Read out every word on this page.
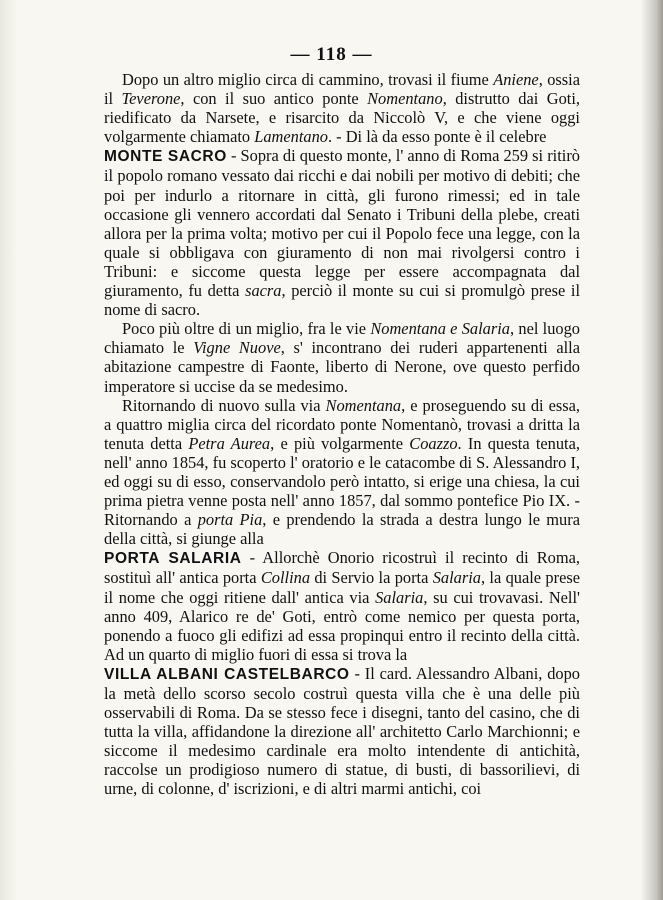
— 118 —

Dopo un altro miglio circa di cammino, trovasi il fiume Aniene, ossia il Teverone, con il suo antico ponte Nomentano, distrutto dai Goti, riedificato da Narsete, e risarcito da Niccolò V, e che viene oggi volgarmente chiamato Lamentano. - Di là da esso ponte è il celebre

MONTE SACRO - Sopra di questo monte, l' anno di Roma 259 si ritirò il popolo romano vessato dai ricchi e dai nobili per motivo di debiti; che poi per indurlo a ritornare in città, gli furono rimessi; ed in tale occasione gli vennero accordati dal Senato i Tribuni della plebe, creati allora per la prima volta; motivo per cui il Popolo fece una legge, con la quale si obbligava con giuramento di non mai rivolgersi contro i Tribuni: e siccome questa legge per essere accompagnata dal giuramento, fu detta sacra, perciò il monte su cui si promulgò prese il nome di sacro.

Poco più oltre di un miglio, fra le vie Nomentana e Salaria, nel luogo chiamato le Vigne Nuove, s' incontrano dei ruderi appartenenti alla abitazione campestre di Faonte, liberto di Nerone, ove questo perfido imperatore si uccise da se medesimo.

Ritornando di nuovo sulla via Nomentana, e proseguendo su di essa, a quattro miglia circa del ricordato ponte Nomentanò, trovasi a dritta la tenuta detta Petra Aurea, e più volgarmente Coazzo. In questa tenuta, nell' anno 1854, fu scoperto l' oratorio e le catacombe di S. Alessandro I, ed oggi su di esso, conservandolo però intatto, si erige una chiesa, la cui prima pietra venne posta nell' anno 1857, dal sommo pontefice Pio IX. - Ritornando a porta Pia, e prendendo la strada a destra lungo le mura della città, si giunge alla

PORTA SALARIA - Allorchè Onorio ricostruì il recinto di Roma, sostituì all' antica porta Collina di Servio la porta Salaria, la quale prese il nome che oggi ritiene dall' antica via Salaria, su cui trovavasi. Nell' anno 409, Alarico re de' Goti, entrò come nemico per questa porta, ponendo a fuoco gli edifizi ad essa propinqui entro il recinto della città. Ad un quarto di miglio fuori di essa si trova la

VILLA ALBANI CASTELBARCO - Il card. Alessandro Albani, dopo la metà dello scorso secolo costruì questa villa che è una delle più osservabili di Roma. Da se stesso fece i disegni, tanto del casino, che di tutta la villa, affidandone la direzione all' architetto Carlo Marchionni; e siccome il medesimo cardinale era molto intendente di antichità, raccolse un prodigioso numero di statue, di busti, di bassorilievi, di urne, di colonne, d' iscrizioni, e di altri marmi antichi, coi
